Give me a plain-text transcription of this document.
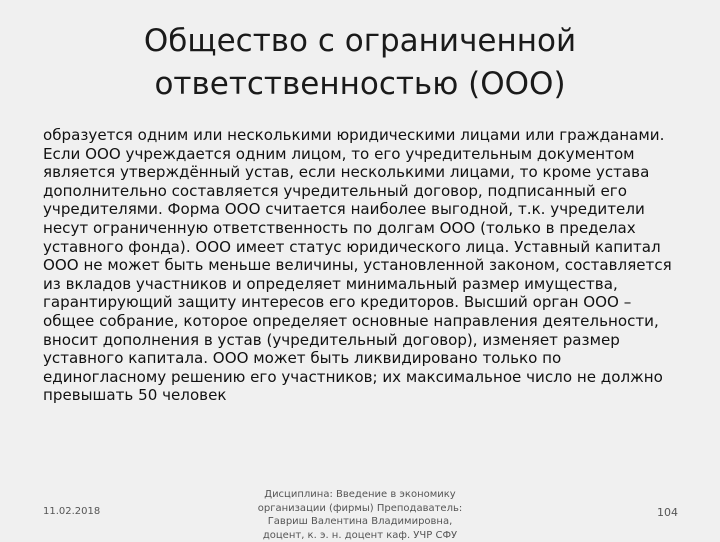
Общество с ограниченной
ответственностью (ООО)
образуется одним или несколькими юридическими лицами или гражданами. Если ООО учреждается одним лицом, то его учредительным документом является утверждённый устав, если несколькими лицами, то кроме устава дополнительно составляется учредительный договор, подписанный его учредителями. Форма ООО считается наиболее выгодной, т.к. учредители несут ограниченную ответственность по долгам ООО (только в пределах уставного фонда). ООО имеет статус юридического лица. Уставный капитал ООО не может быть меньше величины, установленной законом, составляется из вкладов участников и определяет минимальный размер имущества, гарантирующий защиту интересов его кредиторов. Высший орган ООО – общее собрание, которое определяет основные направления деятельности, вносит дополнения в устав (учредительный договор), изменяет размер уставного капитала. ООО может быть ликвидировано только по единогласному решению его участников; их максимальное число не должно превышать 50 человек
11.02.2018
Дисциплина: Введение в экономику
организации (фирмы) Преподаватель:
Гавриш Валентина Владимировна,
доцент, к. э. н. доцент каф. УЧР СФУ
104
